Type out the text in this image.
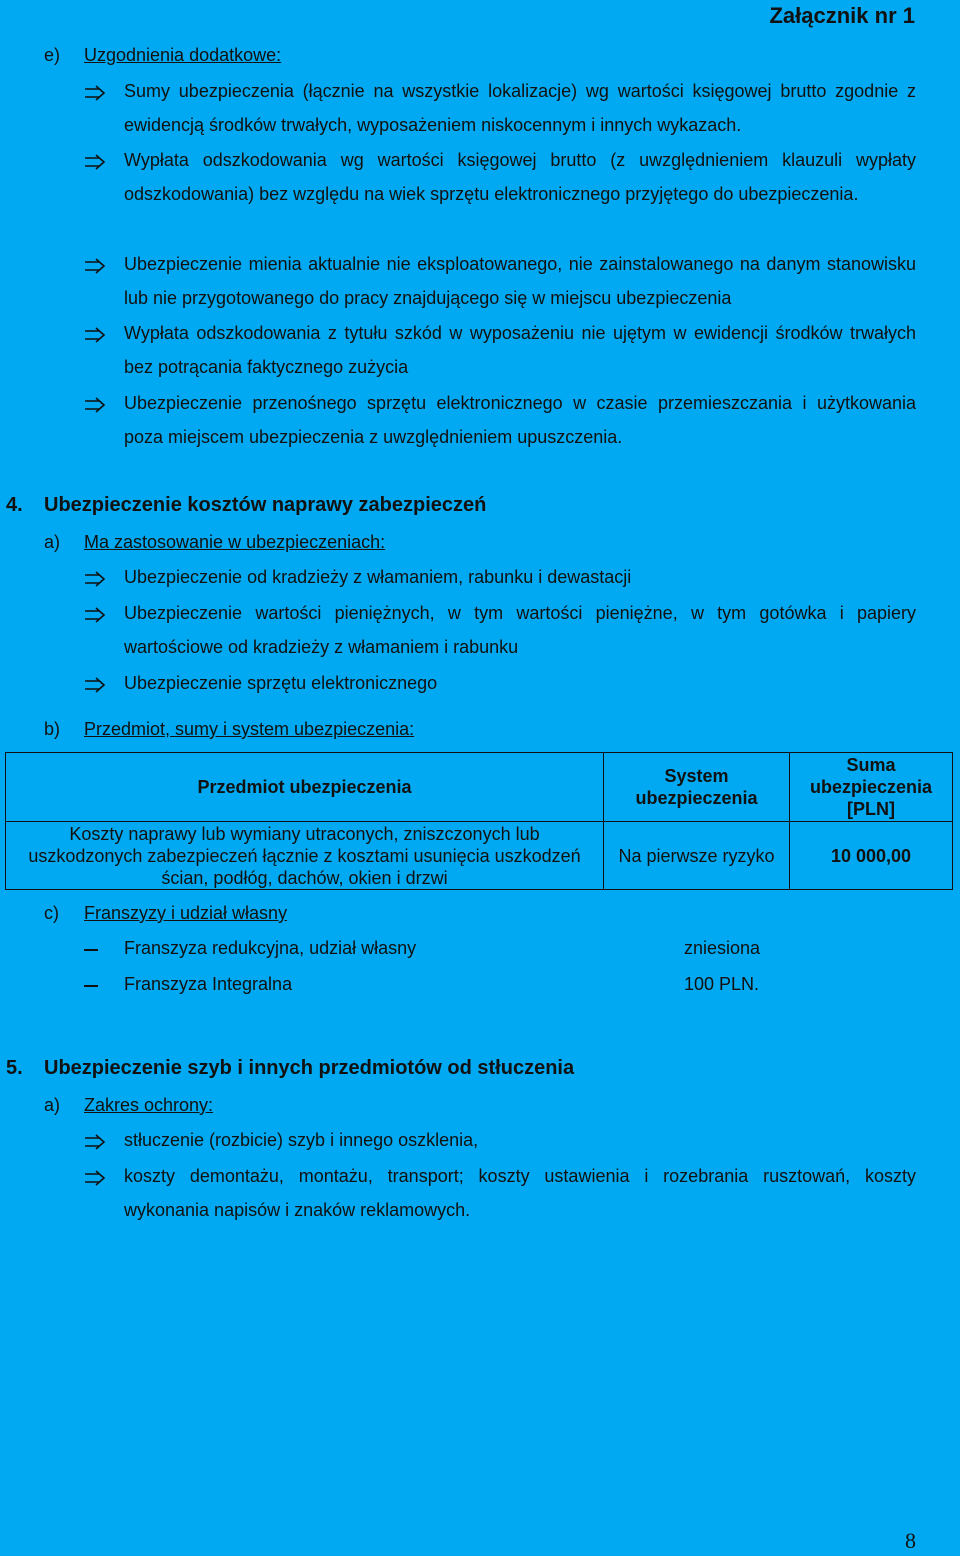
Załącznik nr 1
e) Uzgodnienia dodatkowe:
Sumy ubezpieczenia (łącznie na wszystkie lokalizacje) wg wartości księgowej brutto zgodnie z ewidencją środków trwałych, wyposażeniem niskocennym i innych wykazach.
Wypłata odszkodowania wg wartości księgowej brutto (z uwzględnieniem klauzuli wypłaty odszkodowania) bez względu na wiek sprzętu elektronicznego przyjętego do ubezpieczenia.
Ubezpieczenie mienia aktualnie nie eksploatowanego, nie zainstalowanego na danym stanowisku lub nie przygotowanego do pracy znajdującego się w miejscu ubezpieczenia
Wypłata odszkodowania z tytułu szkód w wyposażeniu nie ujętym w ewidencji środków trwałych bez potrącania faktycznego zużycia
Ubezpieczenie przenośnego sprzętu elektronicznego w czasie przemieszczania i użytkowania poza miejscem ubezpieczenia z uwzględnieniem upuszczenia.
4. Ubezpieczenie kosztów naprawy zabezpieczeń
a) Ma zastosowanie w ubezpieczeniach:
Ubezpieczenie od kradzieży z włamaniem, rabunku i dewastacji
Ubezpieczenie wartości pieniężnych, w tym wartości pieniężne, w tym gotówka i papiery wartościowe od kradzieży z włamaniem i rabunku
Ubezpieczenie sprzętu elektronicznego
b) Przedmiot, sumy i system ubezpieczenia:
Przedmiot ubezpieczenia	System ubezpieczenia	Suma ubezpieczenia [PLN]
Koszty naprawy lub wymiany utraconych, zniszczonych lub uszkodzonych zabezpieczeń łącznie z kosztami usunięcia uszkodzeń ścian, podłóg, dachów, okien i drzwi	Na pierwsze ryzyko	10 000,00
c) Franszyzy i udział własny
Franszyza redukcyjna, udział własny	zniesiona
Franszyza Integralna	100 PLN.
5. Ubezpieczenie szyb i innych przedmiotów od stłuczenia
a) Zakres ochrony:
stłuczenie (rozbicie) szyb i innego oszklenia,
koszty demontażu, montażu, transport; koszty ustawienia i rozebrania rusztowań, koszty wykonania napisów i znaków reklamowych.
8
